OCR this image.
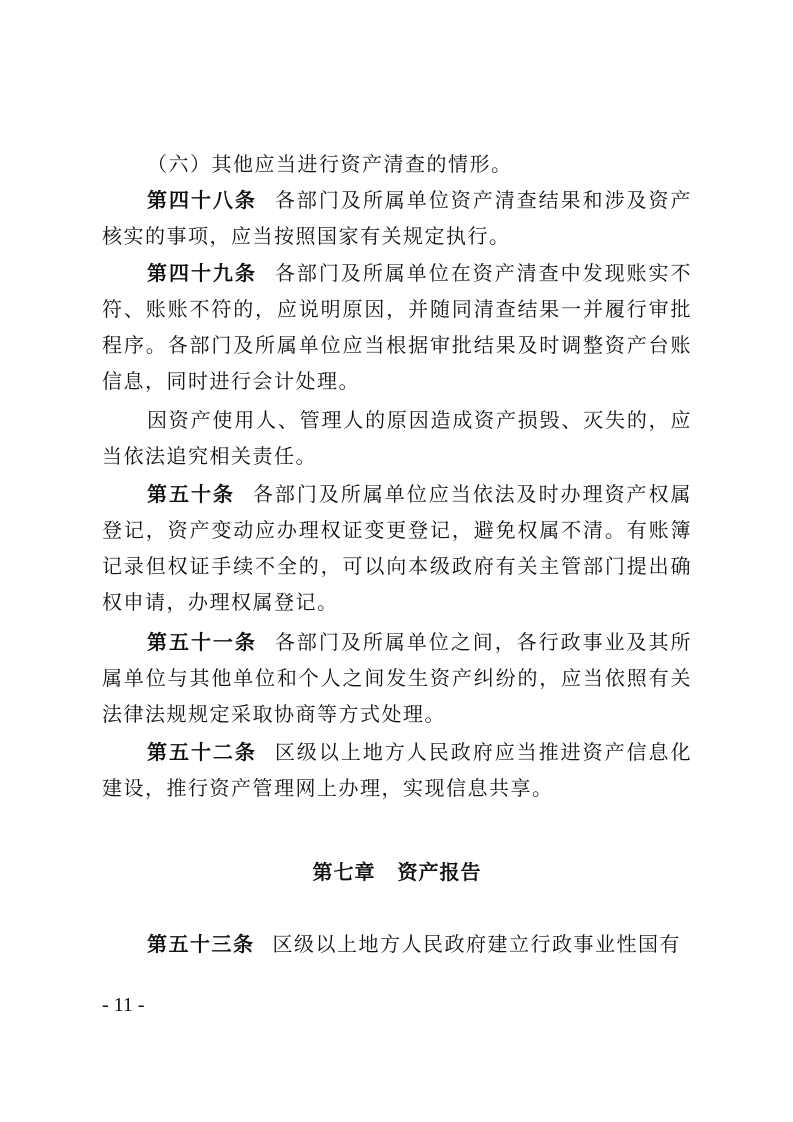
（六）其他应当进行资产清查的情形。

第四十八条 各部门及所属单位资产清查结果和涉及资产核实的事项，应当按照国家有关规定执行。

第四十九条 各部门及所属单位在资产清查中发现账实不符、账账不符的，应说明原因，并随同清查结果一并履行审批程序。各部门及所属单位应当根据审批结果及时调整资产台账信息，同时进行会计处理。

因资产使用人、管理人的原因造成资产损毁、灭失的，应当依法追究相关责任。

第五十条 各部门及所属单位应当依法及时办理资产权属登记，资产变动应办理权证变更登记，避免权属不清。有账簿记录但权证手续不全的，可以向本级政府有关主管部门提出确权申请，办理权属登记。

第五十一条 各部门及所属单位之间，各行政事业及其所属单位与其他单位和个人之间发生资产纠纷的，应当依照有关法律法规规定采取协商等方式处理。

第五十二条 区级以上地方人民政府应当推进资产信息化建设，推行资产管理网上办理，实现信息共享。

第七章 资产报告

第五十三条 区级以上地方人民政府建立行政事业性国有

- 11 -
